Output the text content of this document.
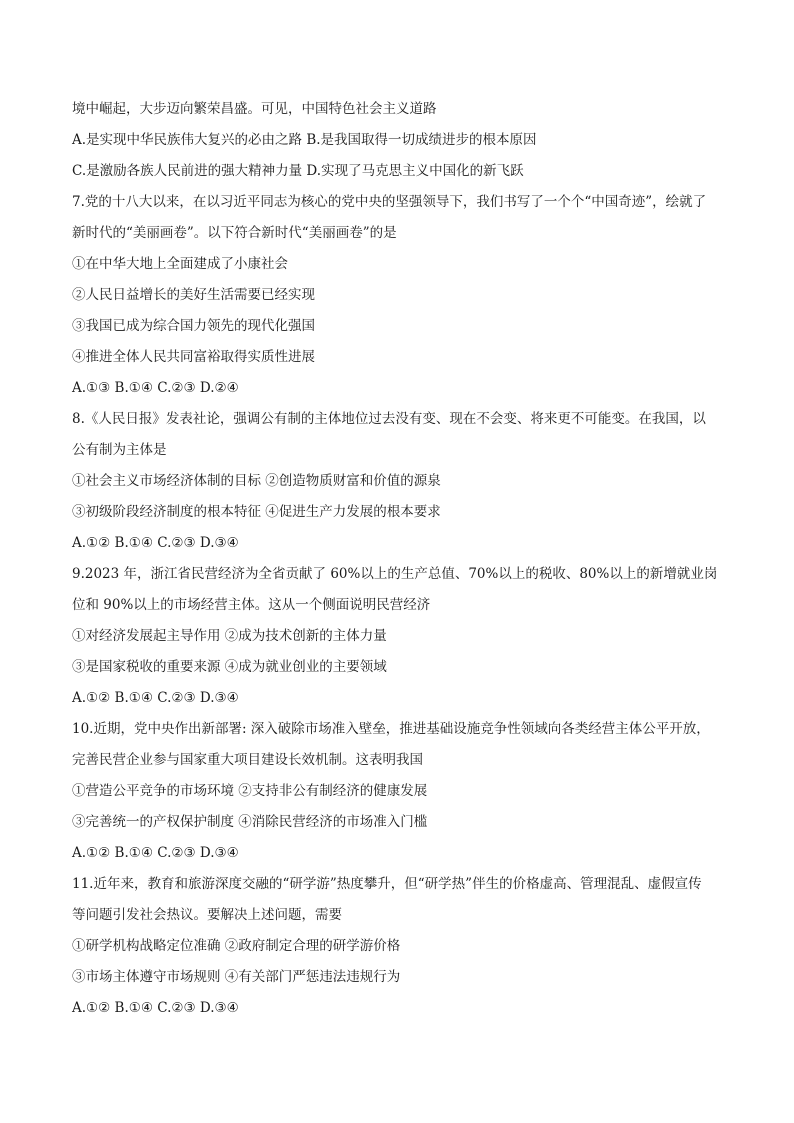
境中崛起，大步迈向繁荣昌盛。可见，中国特色社会主义道路
A.是实现中华民族伟大复兴的必由之路 B.是我国取得一切成绩进步的根本原因
C.是激励各族人民前进的强大精神力量 D.实现了马克思主义中国化的新飞跃
7.党的十八大以来，在以习近平同志为核心的党中央的坚强领导下，我们书写了一个个“中国奇迹”，绘就了
新时代的“美丽画卷”。以下符合新时代“美丽画卷”的是
①在中华大地上全面建成了小康社会
②人民日益增长的美好生活需要已经实现
③我国已成为综合国力领先的现代化强国
④推进全体人民共同富裕取得实质性进展
A.①③ B.①④ C.②③ D.②④
8.《人民日报》发表社论，强调公有制的主体地位过去没有变、现在不会变、将来更不可能变。在我国，以
公有制为主体是
①社会主义市场经济体制的目标 ②创造物质财富和价值的源泉
③初级阶段经济制度的根本特征 ④促进生产力发展的根本要求
A.①② B.①④ C.②③ D.③④
9.2023 年，浙江省民营经济为全省贡献了 60%以上的生产总值、70%以上的税收、80%以上的新增就业岗
位和 90%以上的市场经营主体。这从一个侧面说明民营经济
①对经济发展起主导作用 ②成为技术创新的主体力量
③是国家税收的重要来源 ④成为就业创业的主要领域
A.①② B.①④ C.②③ D.③④
10.近期，党中央作出新部署: 深入破除市场准入壁垒，推进基础设施竞争性领域向各类经营主体公平开放，
完善民营企业参与国家重大项目建设长效机制。这表明我国
①营造公平竞争的市场环境 ②支持非公有制经济的健康发展
③完善统一的产权保护制度 ④消除民营经济的市场准入门槛
A.①② B.①④ C.②③ D.③④
11.近年来，教育和旅游深度交融的“研学游”热度攀升，但“研学热”伴生的价格虚高、管理混乱、虚假宣传
等问题引发社会热议。要解决上述问题，需要
①研学机构战略定位准确 ②政府制定合理的研学游价格
③市场主体遵守市场规则 ④有关部门严惩违法违规行为
A.①② B.①④ C.②③ D.③④
